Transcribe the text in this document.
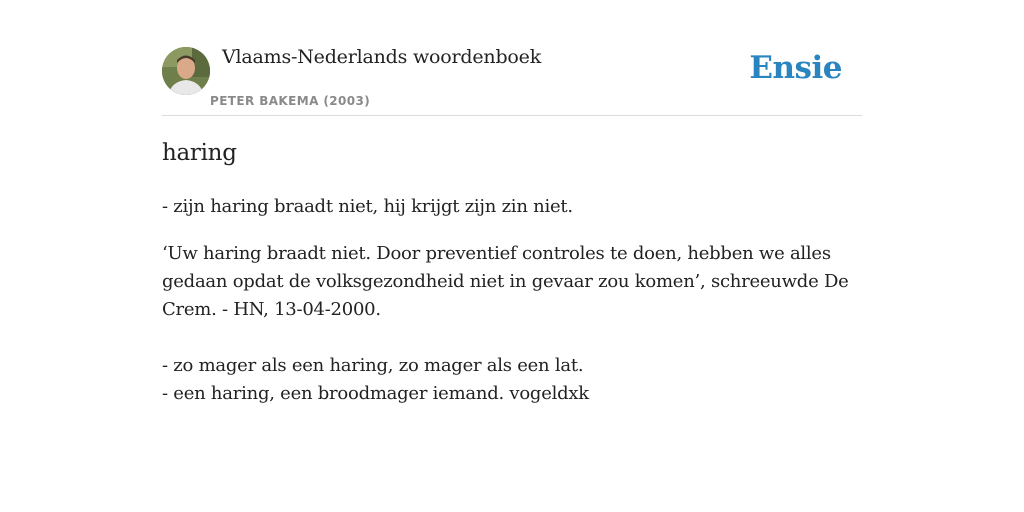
Vlaams-Nederlands woordenboek
PETER BAKEMA (2003)
Ensie
haring

- zijn haring braadt niet, hij krijgt zijn zin niet.

‘Uw haring braadt niet. Door preventief controles te doen, hebben we alles gedaan opdat de volksgezondheid niet in gevaar zou komen’, schreeuwde De Crem. - HN, 13-04-2000.

- zo mager als een haring, zo mager als een lat.

- een haring, een broodmager iemand. vogeldxk
